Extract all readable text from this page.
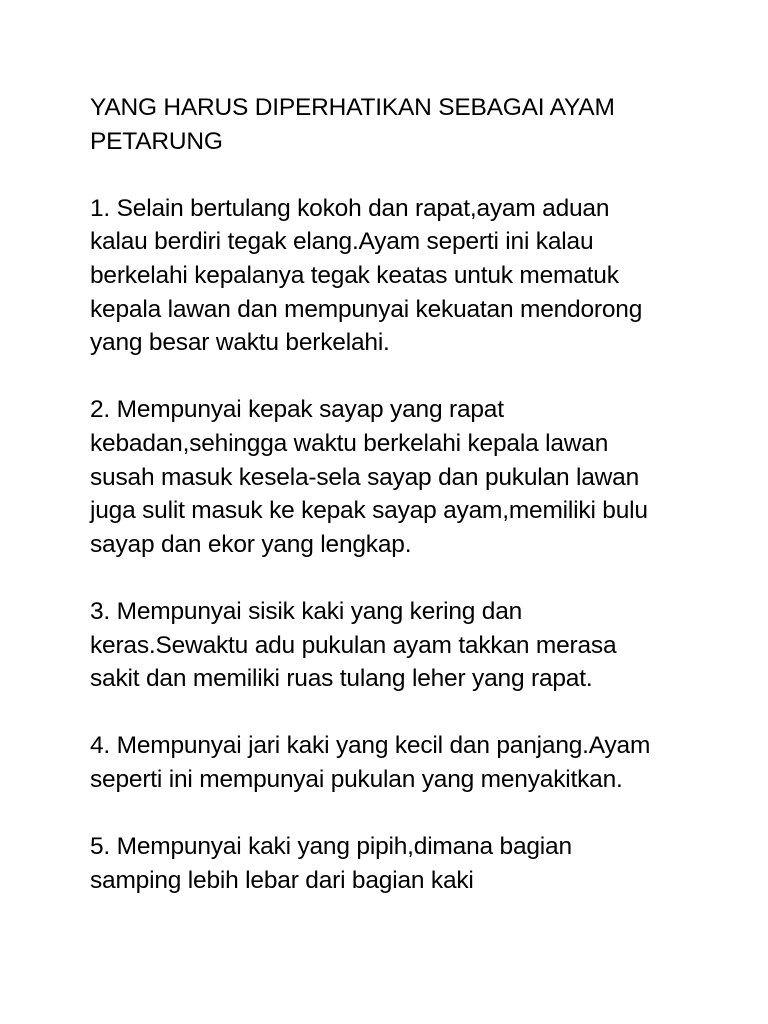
YANG HARUS DIPERHATIKAN SEBAGAI AYAM
PETARUNG
1. Selain bertulang kokoh dan rapat,ayam aduan
kalau berdiri tegak elang.Ayam seperti ini kalau
berkelahi kepalanya tegak keatas untuk mematuk
kepala lawan dan mempunyai kekuatan mendorong
yang besar waktu berkelahi.
2. Mempunyai kepak sayap yang rapat
kebadan,sehingga waktu berkelahi kepala lawan
susah masuk kesela-sela sayap dan pukulan lawan
juga sulit masuk ke kepak sayap ayam,memiliki bulu
sayap dan ekor yang lengkap.
3. Mempunyai sisik kaki yang kering dan
keras.Sewaktu adu pukulan ayam takkan merasa
sakit dan memiliki ruas tulang leher yang rapat.
4. Mempunyai jari kaki yang kecil dan panjang.Ayam
seperti ini mempunyai pukulan yang menyakitkan.
5. Mempunyai kaki yang pipih,dimana bagian
samping lebih lebar dari bagian kaki
